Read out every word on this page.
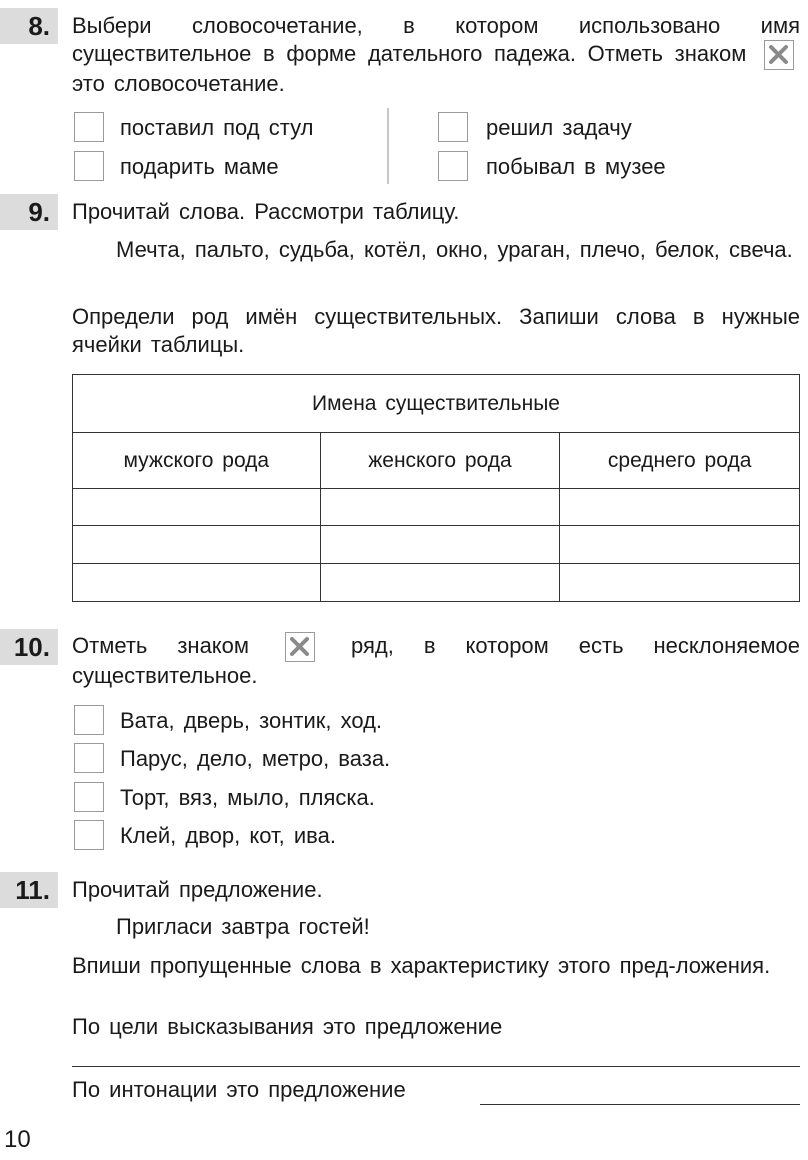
8.	Выбери словосочетание, в котором использовано имя существительное в форме дательного падежа. Отметь знаком
это словосочетание.
поставил под стул
подарить маме
решил задачу
побывал в музее
9.	Прочитай слова. Рассмотри таблицу.
Мечта, пальто, судьба, котёл, окно, ураган, плечо, белок, свеча.
Определи род имён существительных. Запиши слова в нужные ячейки таблицы.
Имена существительные		
мужского рода	женского рода	среднего рода

10.	Отметь знаком	ряд, в котором есть несклоняемое существительное.
Вата, дверь, зонтик, ход.
Парус, дело, метро, ваза.
Торт, вяз, мыло, пляска.
Клей, двор, кот, ива.
11.	Прочитай предложение.
Пригласи завтра гостей!
Впиши пропущенные слова в характеристику этого пред-ложения.
По цели высказывания это предложение
По интонации это предложение
10
